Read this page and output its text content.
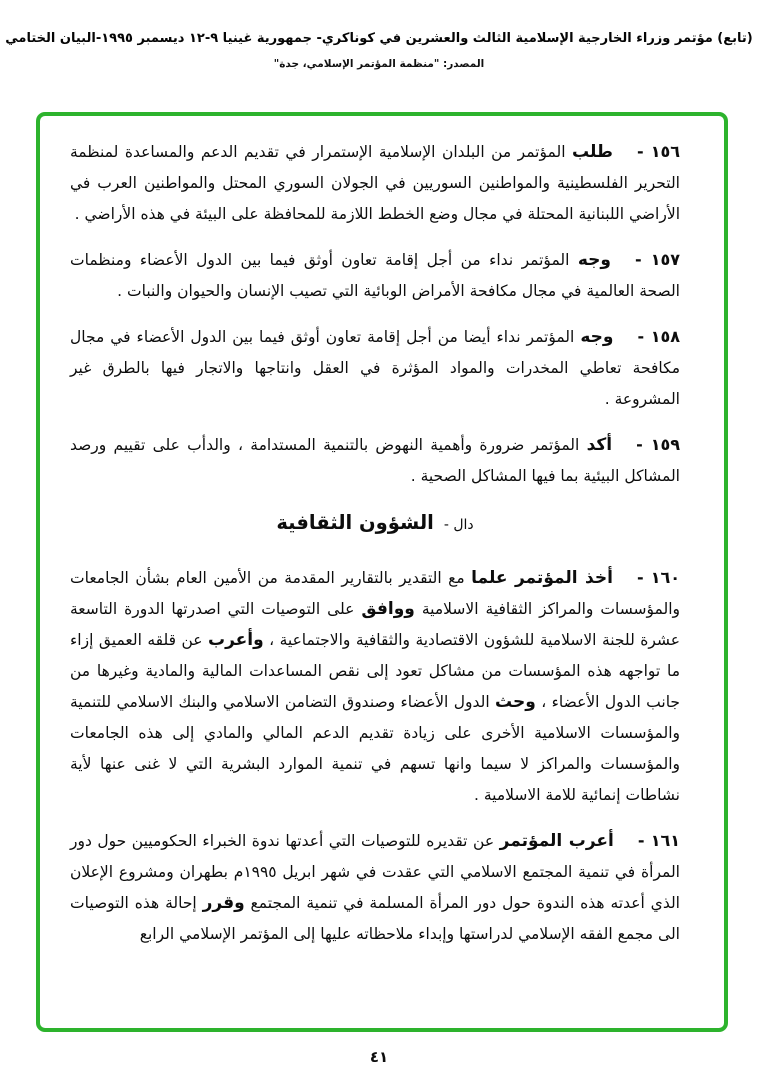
(تابع) مؤتمر وزراء الخارجية الإسلامية الثالث والعشرين في كوناكري- جمهورية غينيا ٩-١٢ ديسمبر ١٩٩٥-البيان الختامي
المصدر: "منظمة المؤتمر الإسلامي، جدة"

١٥٦ -طلب المؤتمر من البلدان الإسلامية الإستمرار في تقديم الدعم والمساعدة لمنظمة التحرير الفلسطينية والمواطنين السوريين في الجولان السوري المحتل والمواطنين العرب في الأراضي اللبنانية المحتلة في مجال وضع الخطط اللازمة للمحافظة على البيئة في هذه الأراضي .

١٥٧ -وجه المؤتمر نداء من أجل إقامة تعاون أوثق فيما بين الدول الأعضاء ومنظمات الصحة العالمية في مجال مكافحة الأمراض الوبائية التي تصيب الإنسان والحيوان والنبات .

١٥٨ -وجه المؤتمر نداء أيضا من أجل إقامة تعاون أوثق فيما بين الدول الأعضاء في مجال مكافحة تعاطي المخدرات والمواد المؤثرة في العقل وانتاجها والاتجار فيها بالطرق غير المشروعة .

١٥٩ -أكد المؤتمر ضرورة وأهمية النهوض بالتنمية المستدامة ، والدأب على تقييم ورصد المشاكل البيئية بما فيها المشاكل الصحية .

دال -الشؤون الثقافية

١٦٠ -أخذ المؤتمر علما مع التقدير بالتقارير المقدمة من الأمين العام بشأن الجامعات والمؤسسات والمراكز الثقافية الاسلامية ووافق على التوصيات التي اصدرتها الدورة التاسعة عشرة للجنة الاسلامية للشؤون الاقتصادية والثقافية والاجتماعية ، وأعرب عن قلقه العميق إزاء ما تواجهه هذه المؤسسات من مشاكل تعود إلى نقص المساعدات المالية والمادية وغيرها من جانب الدول الأعضاء ، وحث الدول الأعضاء وصندوق التضامن الاسلامي والبنك الاسلامي للتنمية والمؤسسات الاسلامية الأخرى على زيادة تقديم الدعم المالي والمادي إلى هذه الجامعات والمؤسسات والمراكز لا سيما وانها تسهم في تنمية الموارد البشرية التي لا غنى عنها لأية نشاطات إنمائية للامة الاسلامية .

١٦١ -أعرب المؤتمر عن تقديره للتوصيات التي أعدتها ندوة الخبراء الحكوميين حول دور المرأة في تنمية المجتمع الاسلامي التي عقدت في شهر ابريل ١٩٩٥م بطهران ومشروع الإعلان الذي أعدته هذه الندوة حول دور المرأة المسلمة في تنمية المجتمع وقرر إحالة هذه التوصيات الى مجمع الفقه الإسلامي لدراستها وإبداء ملاحظاته عليها إلى المؤتمر الإسلامي الرابع

٤١
